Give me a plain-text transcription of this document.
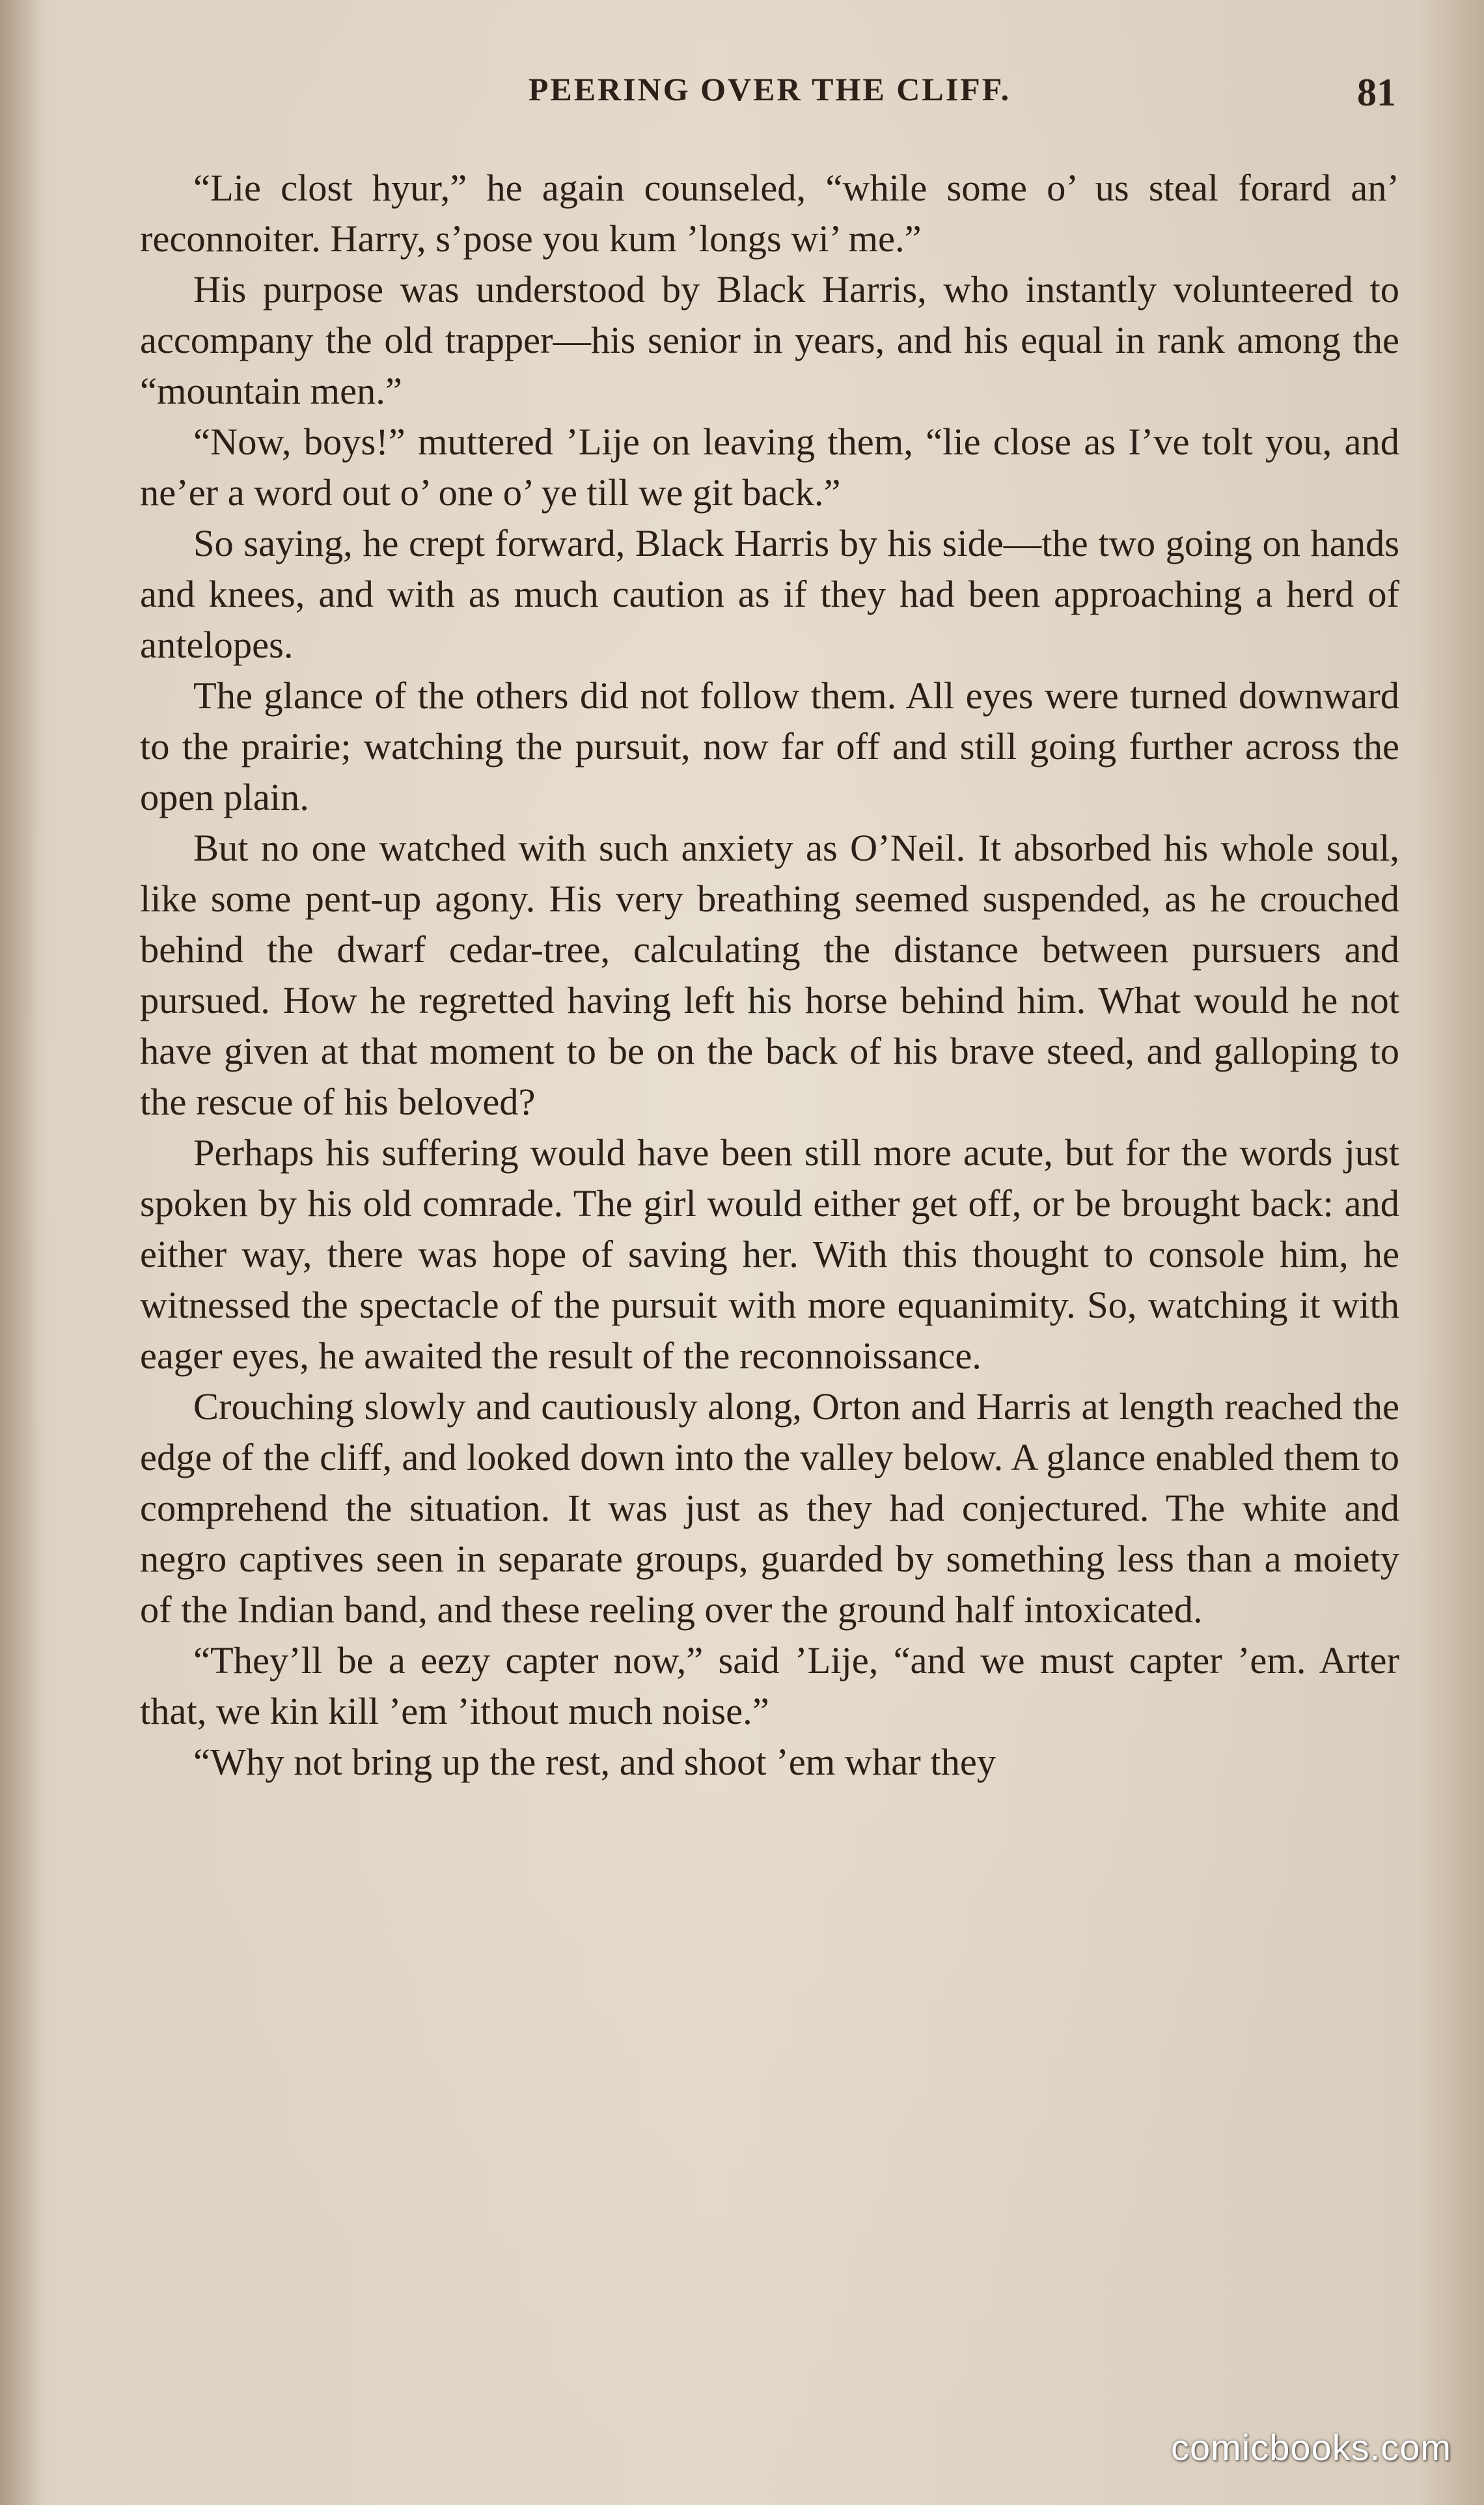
PEERING OVER THE CLIFF.	81

“Lie clost hyur,” he again counseled, “while some o’ us steal forard an’ reconnoiter. Harry, s’pose you kum ’longs wi’ me.”

His purpose was understood by Black Harris, who instantly volunteered to accompany the old trapper—his senior in years, and his equal in rank among the “mountain men.”

“Now, boys!” muttered ’Lije on leaving them, “lie close as I’ve tolt you, and ne’er a word out o’ one o’ ye till we git back.”

So saying, he crept forward, Black Harris by his side—the two going on hands and knees, and with as much caution as if they had been approaching a herd of antelopes.

The glance of the others did not follow them. All eyes were turned downward to the prairie; watching the pursuit, now far off and still going further across the open plain.

But no one watched with such anxiety as O’Neil. It absorbed his whole soul, like some pent-up agony. His very breathing seemed suspended, as he crouched behind the dwarf cedar-tree, calculating the distance between pursuers and pursued. How he regretted having left his horse behind him. What would he not have given at that moment to be on the back of his brave steed, and galloping to the rescue of his beloved?

Perhaps his suffering would have been still more acute, but for the words just spoken by his old comrade. The girl would either get off, or be brought back: and either way, there was hope of saving her. With this thought to console him, he witnessed the spectacle of the pursuit with more equanimity. So, watching it with eager eyes, he awaited the result of the reconnoissance.

Crouching slowly and cautiously along, Orton and Harris at length reached the edge of the cliff, and looked down into the valley below. A glance enabled them to comprehend the situation. It was just as they had conjectured. The white and negro captives seen in separate groups, guarded by something less than a moiety of the Indian band, and these reeling over the ground half intoxicated.

“They’ll be a eezy capter now,” said ’Lije, “and we must capter ’em. Arter that, we kin kill ’em ’ithout much noise.”

“Why not bring up the rest, and shoot ’em whar they

comicbooks.com
